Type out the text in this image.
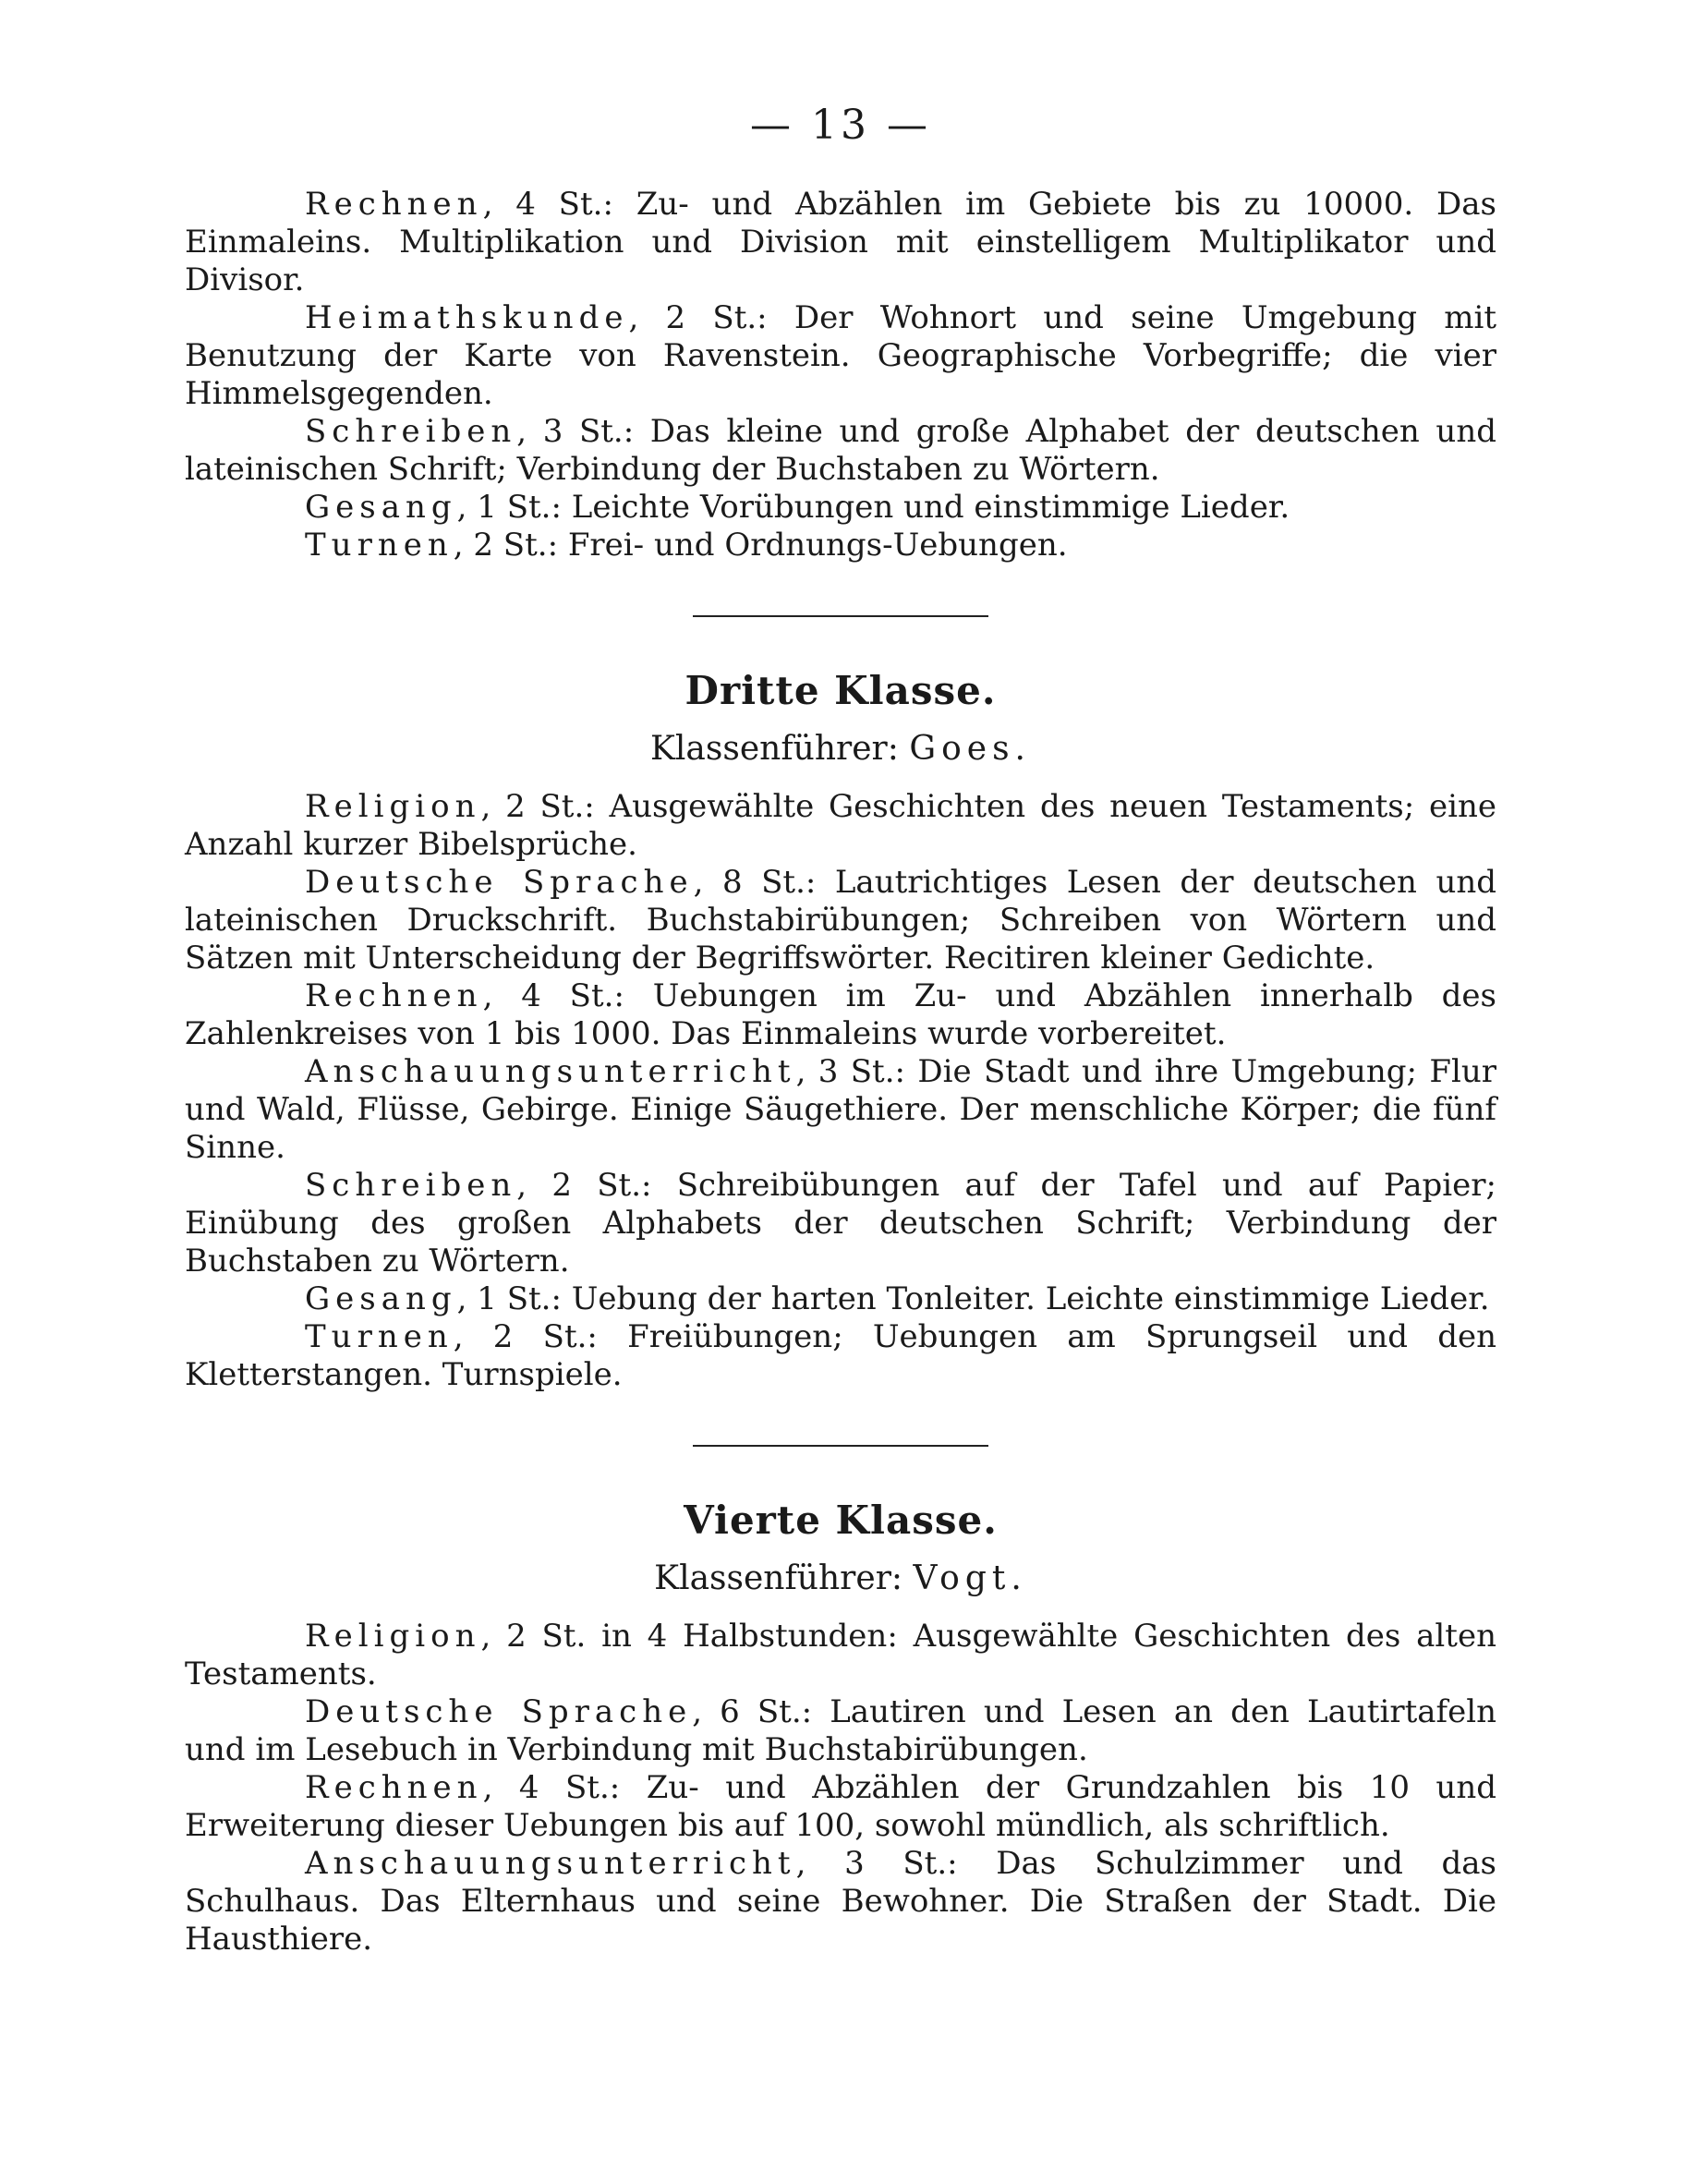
— 13 —

Rechnen, 4 St.: Zu- und Abzählen im Gebiete bis zu 10000. Das Einmaleins. Multiplikation und Division mit einstelligem Multiplikator und Divisor.

Heimathskunde, 2 St.: Der Wohnort und seine Umgebung mit Benutzung der Karte von Ravenstein. Geographische Vorbegriffe; die vier Himmelsgegenden.

Schreiben, 3 St.: Das kleine und große Alphabet der deutschen und lateinischen Schrift; Verbindung der Buchstaben zu Wörtern.

Gesang, 1 St.: Leichte Vorübungen und einstimmige Lieder.

Turnen, 2 St.: Frei- und Ordnungs-Uebungen.

Dritte Klasse.
Klassenführer: Goes.

Religion, 2 St.: Ausgewählte Geschichten des neuen Testaments; eine Anzahl kurzer Bibelsprüche.

Deutsche Sprache, 8 St.: Lautrichtiges Lesen der deutschen und lateinischen Druckschrift. Buchstabirübungen; Schreiben von Wörtern und Sätzen mit Unterscheidung der Begriffswörter. Recitiren kleiner Gedichte.

Rechnen, 4 St.: Uebungen im Zu- und Abzählen innerhalb des Zahlenkreises von 1 bis 1000. Das Einmaleins wurde vorbereitet.

Anschauungsunterricht, 3 St.: Die Stadt und ihre Umgebung; Flur und Wald, Flüsse, Gebirge. Einige Säugethiere. Der menschliche Körper; die fünf Sinne.

Schreiben, 2 St.: Schreibübungen auf der Tafel und auf Papier; Einübung des großen Alphabets der deutschen Schrift; Verbindung der Buchstaben zu Wörtern.

Gesang, 1 St.: Uebung der harten Tonleiter. Leichte einstimmige Lieder.

Turnen, 2 St.: Freiübungen; Uebungen am Sprungseil und den Kletterstangen. Turnspiele.

Vierte Klasse.
Klassenführer: Vogt.

Religion, 2 St. in 4 Halbstunden: Ausgewählte Geschichten des alten Testaments.

Deutsche Sprache, 6 St.: Lautiren und Lesen an den Lautirtafeln und im Lesebuch in Verbindung mit Buchstabirübungen.

Rechnen, 4 St.: Zu- und Abzählen der Grundzahlen bis 10 und Erweiterung dieser Uebungen bis auf 100, sowohl mündlich, als schriftlich.

Anschauungsunterricht, 3 St.: Das Schulzimmer und das Schulhaus. Das Elternhaus und seine Bewohner. Die Straßen der Stadt. Die Hausthiere.
